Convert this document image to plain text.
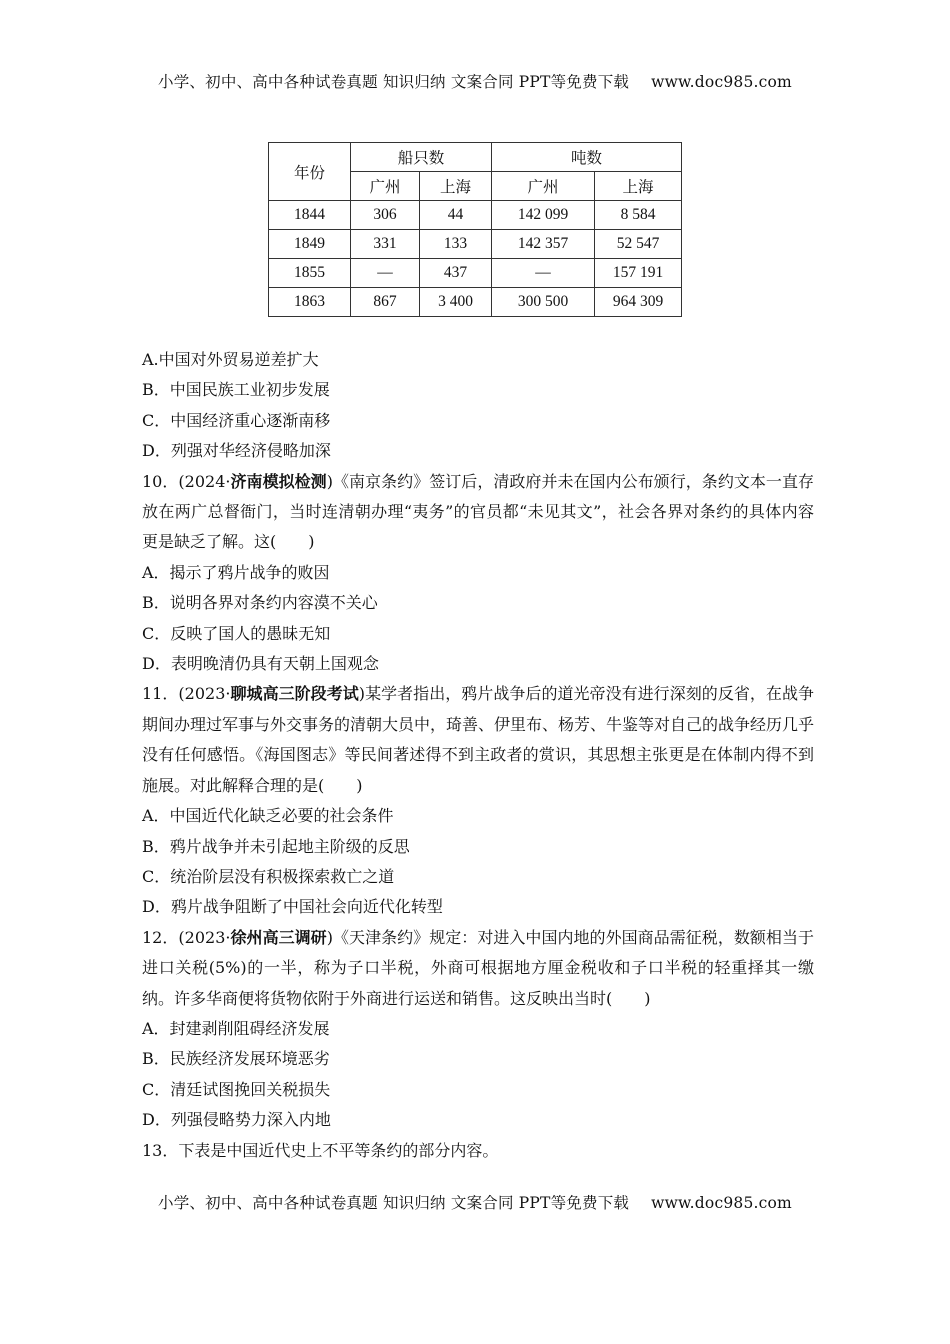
小学、初中、高中各种试卷真题 知识归纳 文案合同 PPT等免费下载 www.doc985.com
年份	船只数		吨数	
	广州	上海	广州	上海
1844	306	44	142 099	8 584
1849	331	133	142 357	52 547
1855	—	437	—	157 191
1863	867	3 400	300 500	964 309

A.中国对外贸易逆差扩大

B．中国民族工业初步发展

C．中国经济重心逐渐南移

D．列强对华经济侵略加深

10．(2024·济南模拟检测)《南京条约》签订后，清政府并未在国内公布颁行，条约文本一直存放在两广总督衙门，当时连清朝办理“夷务”的官员都“未见其文”，社会各界对条约的具体内容更是缺乏了解。这(　　)

A．揭示了鸦片战争的败因

B．说明各界对条约内容漠不关心

C．反映了国人的愚昧无知

D．表明晚清仍具有天朝上国观念

11．(2023·聊城高三阶段考试)某学者指出，鸦片战争后的道光帝没有进行深刻的反省，在战争期间办理过军事与外交事务的清朝大员中，琦善、伊里布、杨芳、牛鉴等对自己的战争经历几乎没有任何感悟。《海国图志》等民间著述得不到主政者的赏识，其思想主张更是在体制内得不到施展。对此解释合理的是(　　)

A．中国近代化缺乏必要的社会条件

B．鸦片战争并未引起地主阶级的反思

C．统治阶层没有积极探索救亡之道

D．鸦片战争阻断了中国社会向近代化转型

12．(2023·徐州高三调研)《天津条约》规定：对进入中国内地的外国商品需征税，数额相当于进口关税(5%)的一半，称为子口半税，外商可根据地方厘金税收和子口半税的轻重择其一缴纳。许多华商便将货物依附于外商进行运送和销售。这反映出当时(　　)

A．封建剥削阻碍经济发展

B．民族经济发展环境恶劣

C．清廷试图挽回关税损失

D．列强侵略势力深入内地

13．下表是中国近代史上不平等条约的部分内容。

小学、初中、高中各种试卷真题 知识归纳 文案合同 PPT等免费下载 www.doc985.com
